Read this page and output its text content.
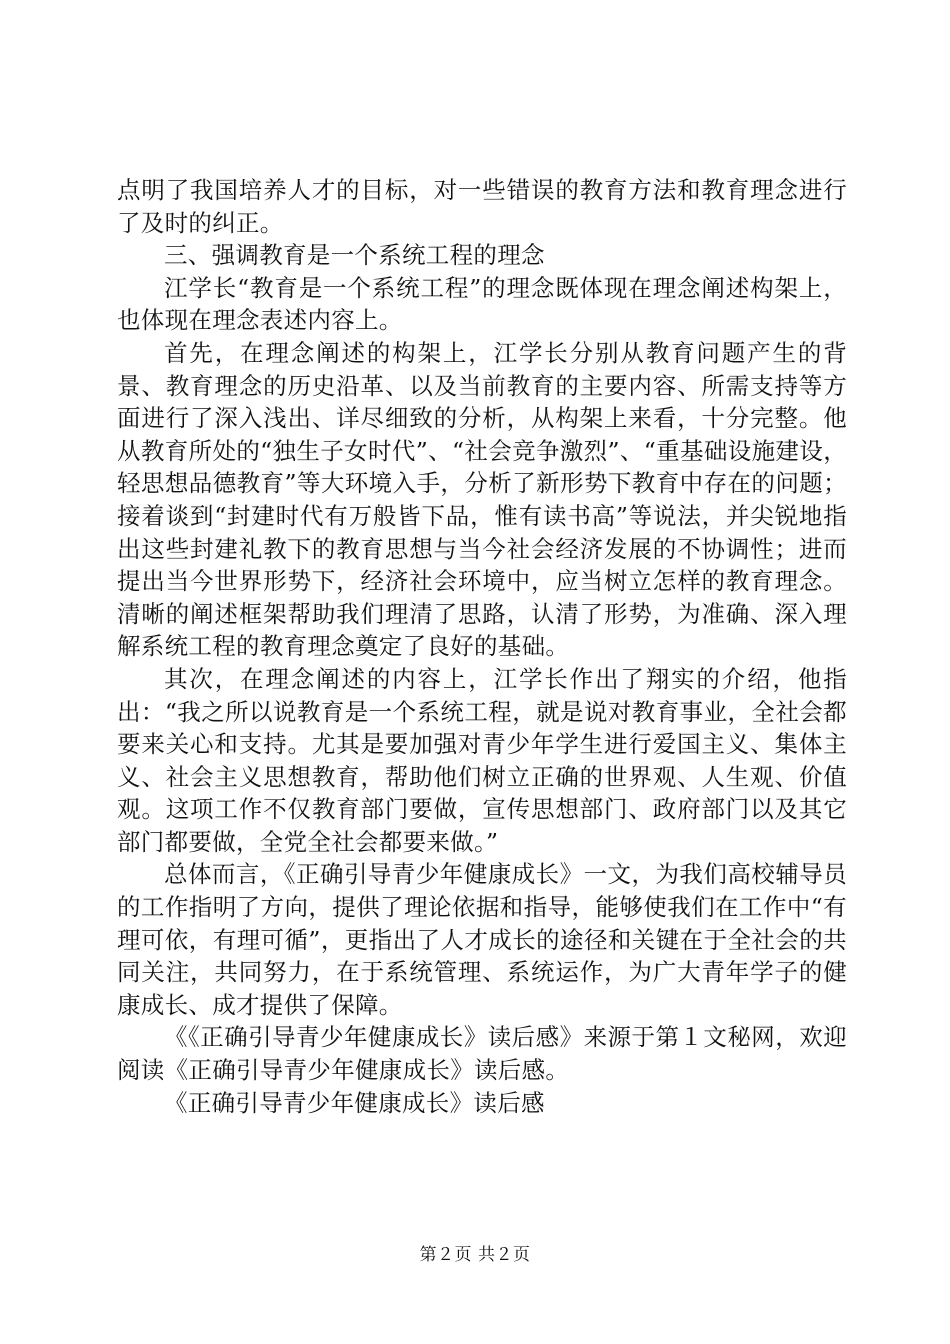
点明了我国培养人才的目标，对一些错误的教育方法和教育理念进行了及时的纠正。

三、强调教育是一个系统工程的理念

江学长“教育是一个系统工程”的理念既体现在理念阐述构架上，也体现在理念表述内容上。

首先，在理念阐述的构架上，江学长分别从教育问题产生的背景、教育理念的历史沿革、以及当前教育的主要内容、所需支持等方面进行了深入浅出、详尽细致的分析，从构架上来看，十分完整。他从教育所处的“独生子女时代”、“社会竞争激烈”、“重基础设施建设，轻思想品德教育”等大环境入手，分析了新形势下教育中存在的问题；接着谈到“封建时代有万般皆下品，惟有读书高”等说法，并尖锐地指出这些封建礼教下的教育思想与当今社会经济发展的不协调性；进而提出当今世界形势下，经济社会环境中，应当树立怎样的教育理念。清晰的阐述框架帮助我们理清了思路，认清了形势，为准确、深入理解系统工程的教育理念奠定了良好的基础。

其次，在理念阐述的内容上，江学长作出了翔实的介绍，他指出：“我之所以说教育是一个系统工程，就是说对教育事业，全社会都要来关心和支持。尤其是要加强对青少年学生进行爱国主义、集体主义、社会主义思想教育，帮助他们树立正确的世界观、人生观、价值观。这项工作不仅教育部门要做，宣传思想部门、政府部门以及其它部门都要做，全党全社会都要来做。”

总体而言，《正确引导青少年健康成长》一文，为我们高校辅导员的工作指明了方向，提供了理论依据和指导，能够使我们在工作中“有理可依，有理可循”，更指出了人才成长的途径和关键在于全社会的共同关注，共同努力，在于系统管理、系统运作，为广大青年学子的健康成长、成才提供了保障。

《《正确引导青少年健康成长》读后感》来源于第１文秘网，欢迎阅读《正确引导青少年健康成长》读后感。

《正确引导青少年健康成长》读后感

第２页 共２页
